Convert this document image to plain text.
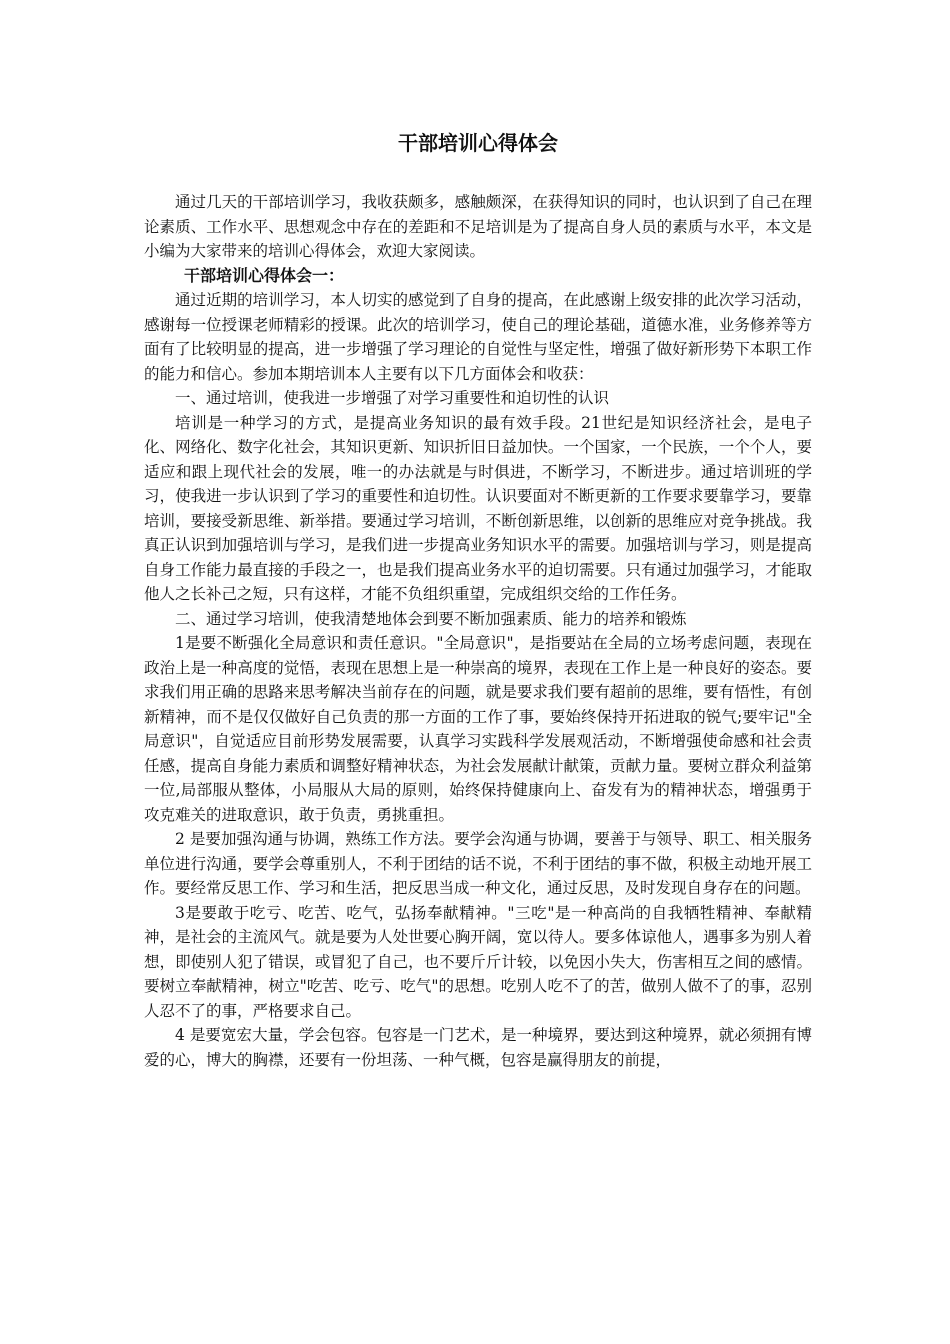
干部培训心得体会

通过几天的干部培训学习，我收获颇多，感触颇深，在获得知识的同时，也认识到了自己在理论素质、工作水平、思想观念中存在的差距和不足培训是为了提高自身人员的素质与水平，本文是小编为大家带来的培训心得体会，欢迎大家阅读。

干部培训心得体会一：

通过近期的培训学习，本人切实的感觉到了自身的提高，在此感谢上级安排的此次学习活动，感谢每一位授课老师精彩的授课。此次的培训学习，使自己的理论基础，道德水准，业务修养等方面有了比较明显的提高，进一步增强了学习理论的自觉性与坚定性，增强了做好新形势下本职工作的能力和信心。参加本期培训本人主要有以下几方面体会和收获：

一、通过培训，使我进一步增强了对学习重要性和迫切性的认识

培训是一种学习的方式，是提高业务知识的最有效手段。21世纪是知识经济社会，是电子化、网络化、数字化社会，其知识更新、知识折旧日益加快。一个国家，一个民族，一个个人，要适应和跟上现代社会的发展，唯一的办法就是与时俱进，不断学习，不断进步。通过培训班的学习，使我进一步认识到了学习的重要性和迫切性。认识要面对不断更新的工作要求要靠学习，要靠培训，要接受新思维、新举措。要通过学习培训，不断创新思维，以创新的思维应对竞争挑战。我真正认识到加强培训与学习，是我们进一步提高业务知识水平的需要。加强培训与学习，则是提高自身工作能力最直接的手段之一，也是我们提高业务水平的迫切需要。只有通过加强学习，才能取他人之长补己之短，只有这样，才能不负组织重望，完成组织交给的工作任务。

二、通过学习培训，使我清楚地体会到要不断加强素质、能力的培养和锻炼

1是要不断强化全局意识和责任意识。"全局意识"，是指要站在全局的立场考虑问题，表现在政治上是一种高度的觉悟，表现在思想上是一种崇高的境界，表现在工作上是一种良好的姿态。要求我们用正确的思路来思考解决当前存在的问题，就是要求我们要有超前的思维，要有悟性，有创新精神，而不是仅仅做好自己负责的那一方面的工作了事，要始终保持开拓进取的锐气;要牢记"全局意识"，自觉适应目前形势发展需要，认真学习实践科学发展观活动，不断增强使命感和社会责任感，提高自身能力素质和调整好精神状态，为社会发展献计献策，贡献力量。要树立群众利益第一位,局部服从整体，小局服从大局的原则，始终保持健康向上、奋发有为的精神状态，增强勇于攻克难关的进取意识，敢于负责，勇挑重担。

2 是要加强沟通与协调，熟练工作方法。要学会沟通与协调，要善于与领导、职工、相关服务单位进行沟通，要学会尊重别人，不利于团结的话不说，不利于团结的事不做，积极主动地开展工作。要经常反思工作、学习和生活，把反思当成一种文化，通过反思，及时发现自身存在的问题。

3是要敢于吃亏、吃苦、吃气，弘扬奉献精神。"三吃"是一种高尚的自我牺牲精神、奉献精神，是社会的主流风气。就是要为人处世要心胸开阔，宽以待人。要多体谅他人，遇事多为别人着想，即使别人犯了错误，或冒犯了自己，也不要斤斤计较，以免因小失大，伤害相互之间的感情。要树立奉献精神，树立"吃苦、吃亏、吃气"的思想。吃别人吃不了的苦，做别人做不了的事，忍别人忍不了的事，严格要求自己。

4 是要宽宏大量，学会包容。包容是一门艺术，是一种境界，要达到这种境界，就必须拥有博爱的心，博大的胸襟，还要有一份坦荡、一种气概，包容是赢得朋友的前提，
